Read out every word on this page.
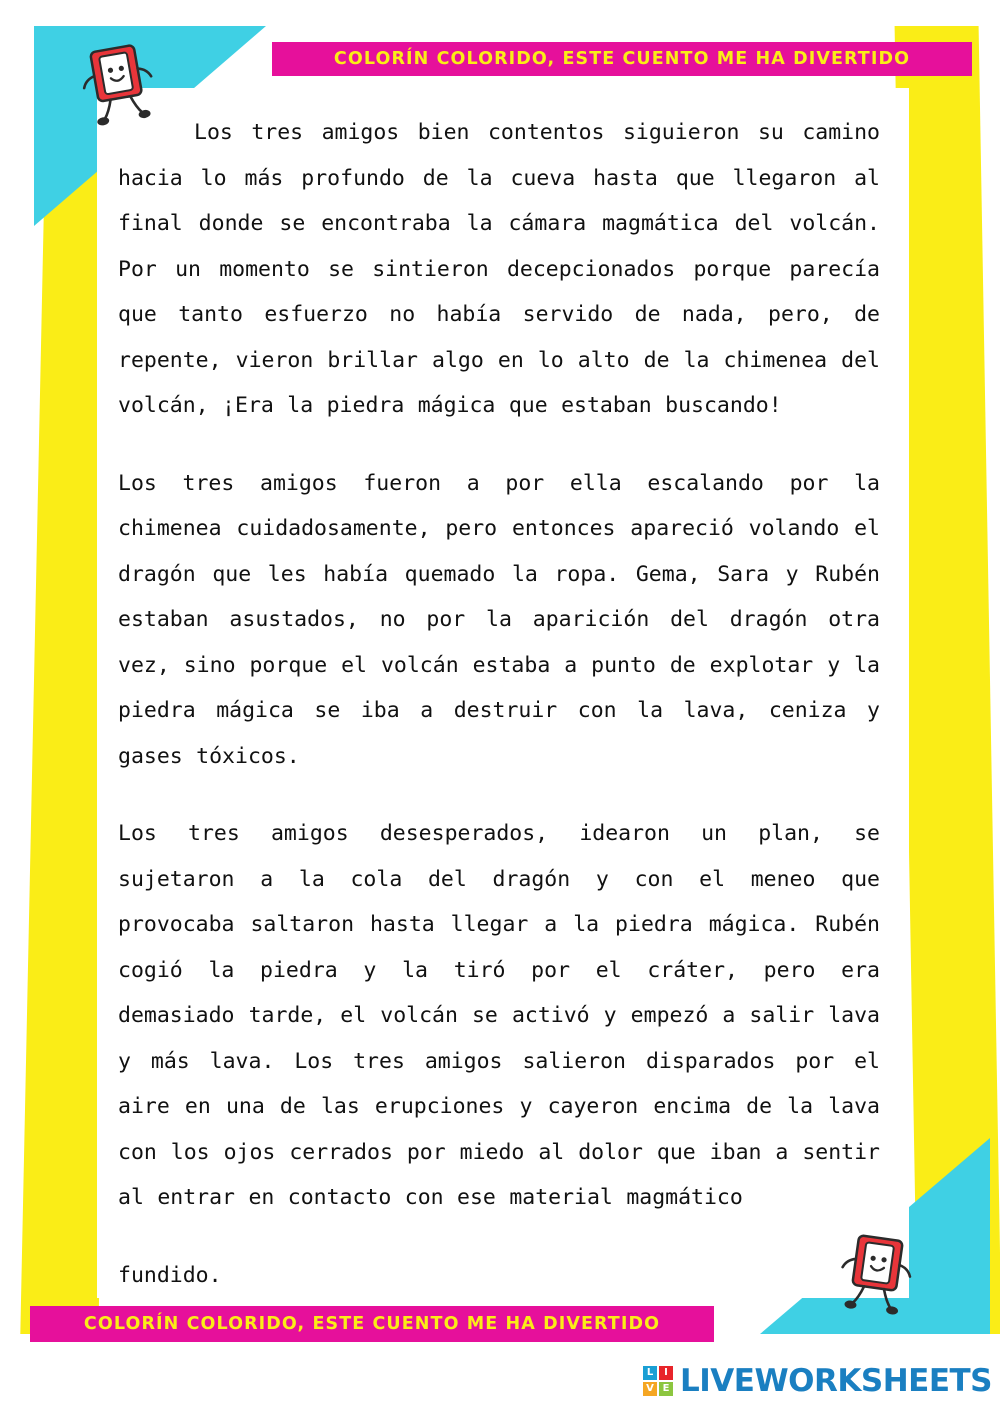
COLORÍN COLORIDO, ESTE CUENTO ME HA DIVERTIDO

Los tres amigos bien contentos siguieron su camino hacia lo más profundo de la cueva hasta que llegaron al final donde se encontraba la cámara magmática del volcán. Por un momento se sintieron decepcionados porque parecía que tanto esfuerzo no había servido de nada, pero, de repente, vieron brillar algo en lo alto de la chimenea del volcán, ¡Era la piedra mágica que estaban buscando!

Los tres amigos fueron a por ella escalando por la chimenea cuidadosamente, pero entonces apareció volando el dragón que les había quemado la ropa. Gema, Sara y Rubén estaban asustados, no por la aparición del dragón otra vez, sino porque el volcán estaba a punto de explotar y la piedra mágica se iba a destruir con la lava, ceniza y gases tóxicos.

Los tres amigos desesperados, idearon un plan, se sujetaron a la cola del dragón y con el meneo que provocaba saltaron hasta llegar a la piedra mágica. Rubén cogió la piedra y la tiró por el cráter, pero era demasiado tarde, el volcán se activó y empezó a salir lava y más lava. Los tres amigos salieron disparados por el aire en una de las erupciones y cayeron encima de la lava con los ojos cerrados por miedo al dolor que iban a sentir al entrar en contacto con ese material magmático

fundido.

COLORÍN COLORIDO, ESTE CUENTO ME HA DIVERTIDO
L	I
V E LIVEWORKSHEETS
